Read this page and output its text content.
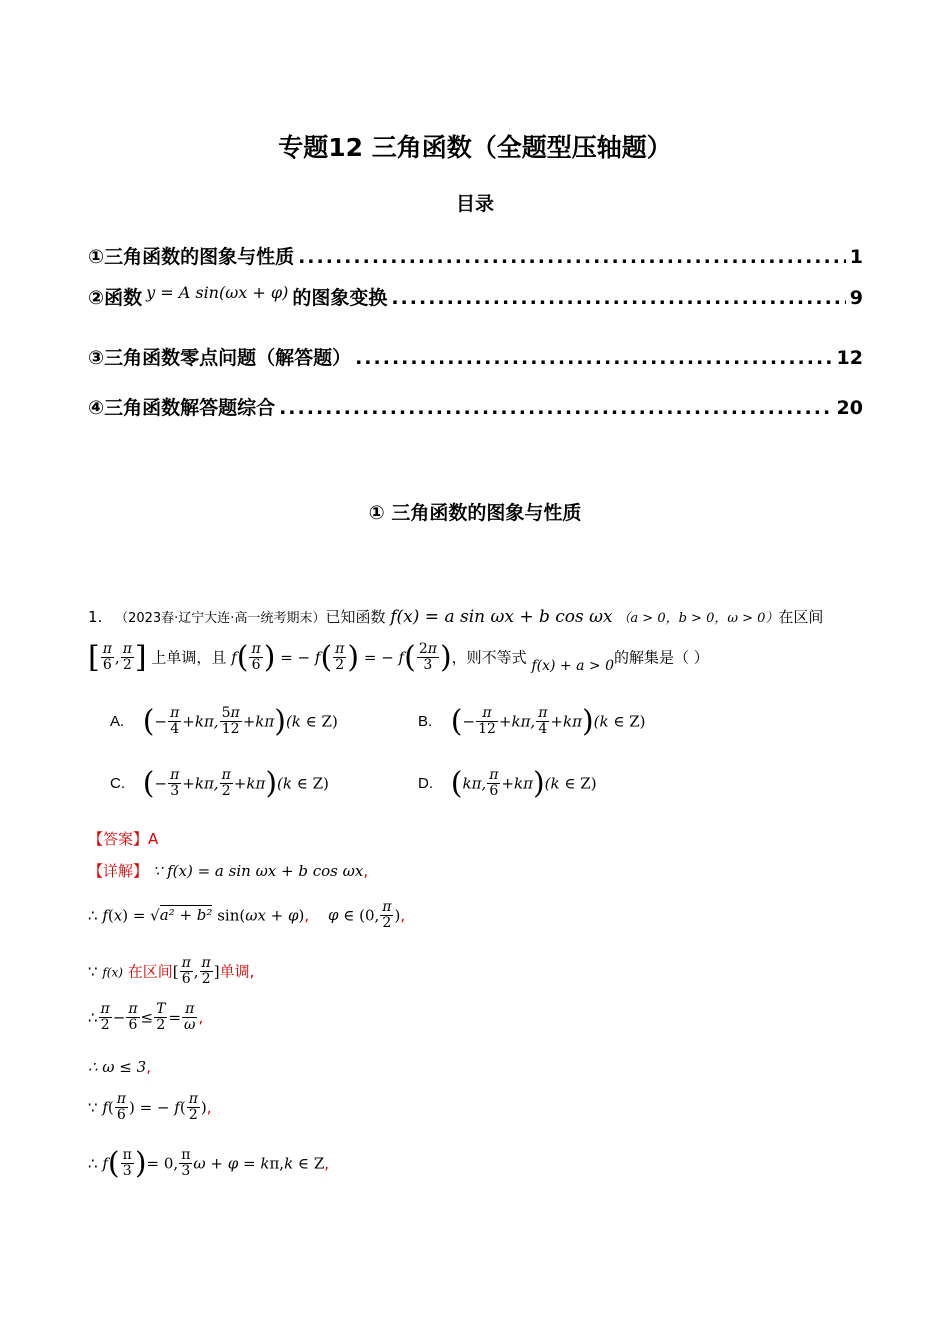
专题12 三角函数（全题型压轴题）
目录
①三角函数的图象与性质 .....	1
②函数 $^{y = A sin(\omega x + \varphi)}$ 的图象变换 .....	9
③三角函数零点问题（解答题） .....	12
④三角函数解答题综合 .....	20
① 三角函数的图象与性质
1. （2023春·辽宁大连·高一统考期末）已知函数 f(x) = a sin ωx + b cos ωx （a > 0，b > 0，ω > 0）在区间
[ $\frac{\pi}{6}$ , $\frac{\pi}{2}$ ] 上单调，且 $f( \frac{\pi}{6}$ ) = − $f( \frac{\pi}{2}$ ) = − $f( \frac{2\pi}{3}$ )，则不等式 f(x) + a > 0的解集是（ ）
A. (− $\frac{\pi}{4} +k\pi$, $\frac{5\pi}{12} +k\pi)(k$ ∈ Z)	B. (− $\frac{\pi}{12} +k\pi$, $\frac{\pi}{4} +k\pi)(k$ ∈ Z)
C. (− $\frac{\pi}{3} +k\pi$, $\frac{\pi}{2} +k\pi)(k$ ∈ Z)	D. (kπ, $\frac{\pi}{6} +k\pi)(k$ ∈ Z)
【答案】A
【详解】 ∵ f(x) = a sin ωx + b cos ωx,
∴ f(x) = √a² + b² sin(ωx + φ), φ ∈ (0, $\frac{\pi}{2}$ ),
∵ f(x) 在区间[ $\frac{\pi}{6}$ , $\frac{\pi}{2}$ ]单调,
∴ $\frac{\pi}{2} - \frac{\pi}{6} \le \frac{T}{2} = \frac{\pi}{\omega}$ ,
∴ ω ≤ 3,
∵ $f( \frac{\pi}{6}$ ) = − $f( \frac{\pi}{2}$ ),
∴ $f( \frac{\pi}{3}$ )= 0, $\frac{\pi}{3}$ ω + φ = kπ,k ∈ Z,
